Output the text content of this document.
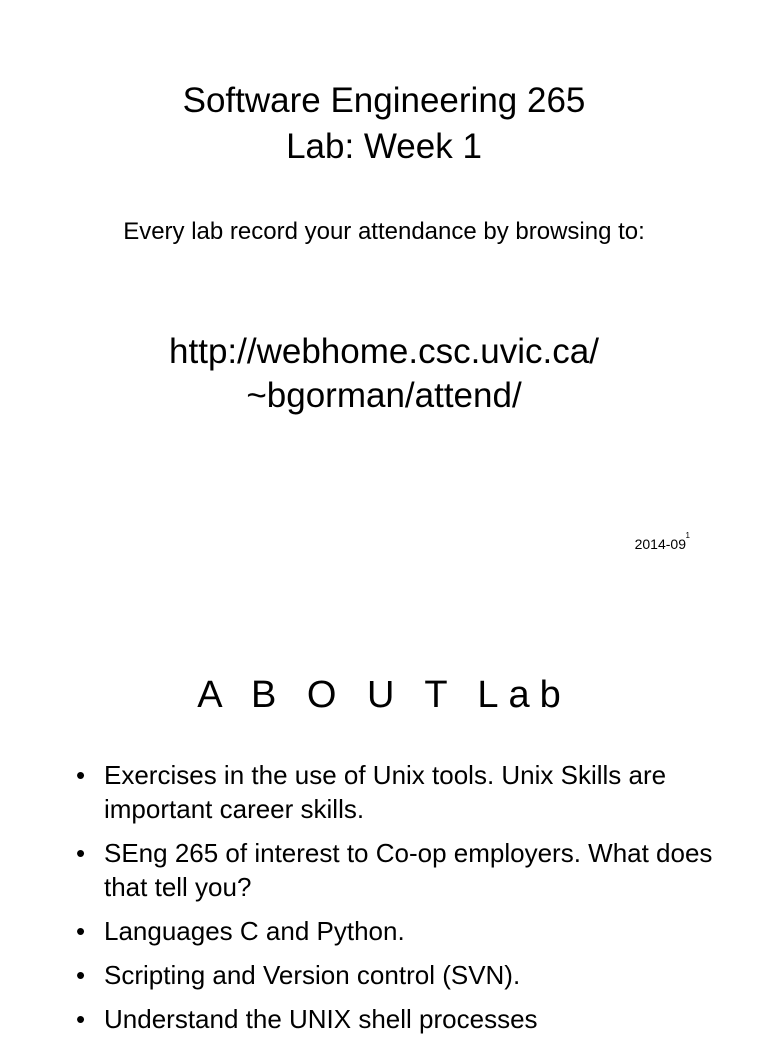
Software Engineering 265
Lab: Week 1
Every lab record your attendance by browsing to:
http://webhome.csc.uvic.ca/
~bgorman/attend/
2014-09
1
A B O U T Lab
• Exercises in the use of Unix tools. Unix Skills are important career skills.
• SEng 265 of interest to Co-op employers. What does that tell you?
• Languages C and Python.
• Scripting and Version control (SVN).
• Understand the UNIX shell processes
